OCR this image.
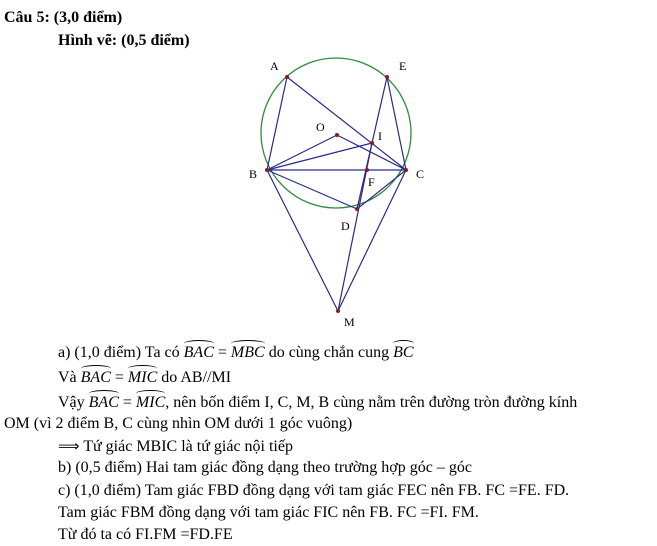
Câu 5: (3,0 điểm)
Hình vẽ: (0,5 điểm)
A	E
O
I
B	C
F
D
M
a) (1,0 điểm) Ta có BAC = MBC do cùng chắn cung BC
Và BAC = MIC do AB//MI
Vậy BAC = MIC, nên bốn điểm I, C, M, B cùng nằm trên đường tròn đường kính
OM (vì 2 điểm B, C cùng nhìn OM dưới 1 góc vuông)
⟹ Tứ giác MBIC là tứ giác nội tiếp
b) (0,5 điểm) Hai tam giác đồng dạng theo trường hợp góc – góc
c) (1,0 điểm) Tam giác FBD đồng dạng với tam giác FEC nên FB. FC =FE. FD.
Tam giác FBM đồng dạng với tam giác FIC nên FB. FC =FI. FM.
Từ đó ta có FI.FM =FD.FE
